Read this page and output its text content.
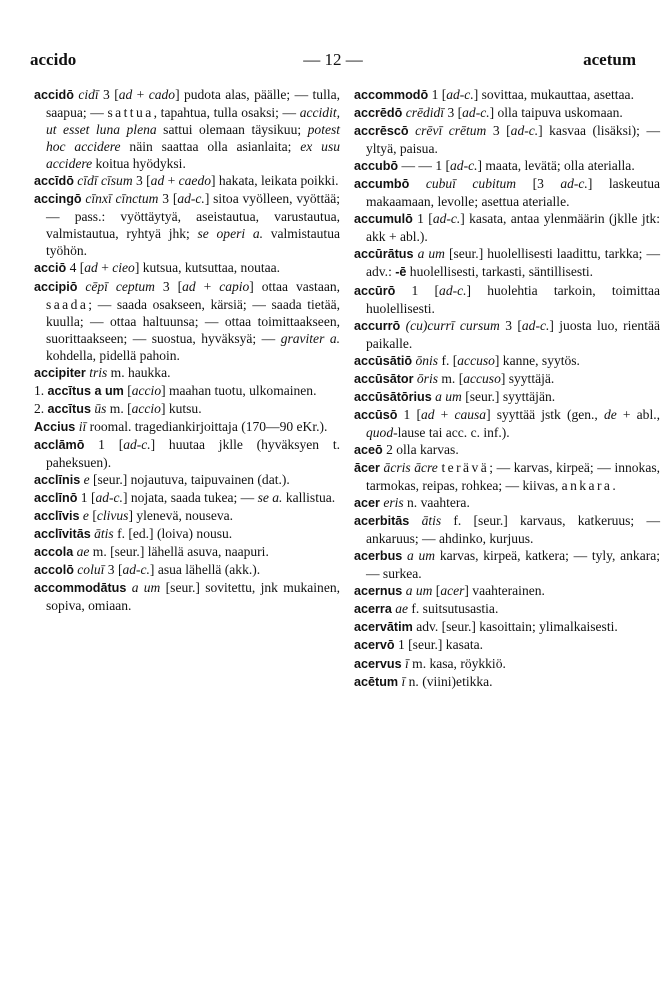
accido	— 12 —	acetum

accidō cidī 3 [ad + cado] pudota alas, päälle; — tulla, saapua; — sattua, tapahtua, tulla osaksi; — accidit, ut esset luna plena sattui olemaan täysikuu; potest hoc accidere näin saattaa olla asianlaita; ex usu accidere koitua hyödyksi.

accīdō cīdī cīsum 3 [ad + caedo] hakata, leikata poikki.

accingō cīnxī cīnctum 3 [ad-c.] sitoa vyölleen, vyöttää; — pass.: vyöttäytyä, aseistautua, varustautua, valmistautua, ryhtyä jhk; se operi a. valmistautua työhön.

acciō 4 [ad + cieo] kutsua, kutsuttaa, noutaa.

accipiō cēpī ceptum 3 [ad + capio] ottaa vastaan, saada; — saada osakseen, kärsiä; — saada tietää, kuulla; — ottaa haltuunsa; — ottaa toimittaakseen, suorittaakseen; — suostua, hyväksyä; — graviter a. kohdella, pidellä pahoin.

accipiter tris m. haukka.

1. accītus a um [accio] maahan tuotu, ulkomainen.

2. accītus ūs m. [accio] kutsu.

Accius iī roomal. tragediankirjoittaja (170—90 eKr.).

acclāmō 1 [ad-c.] huutaa jklle (hyväksyen t. paheksuen).

acclīnis e [seur.] nojautuva, taipuvainen (dat.).

acclīnō 1 [ad-c.] nojata, saada tukea; — se a. kallistua.

acclīvis e [clivus] ylenevä, nouseva.

acclīvitās ātis f. [ed.] (loiva) nousu.

accola ae m. [seur.] lähellä asuva, naapuri.

accolō coluī 3 [ad-c.] asua lähellä (akk.).

accommodātus a um [seur.] sovitettu, jnk mukainen, sopiva, omiaan.

accommodō 1 [ad-c.] sovittaa, mukauttaa, asettaa.

accrēdō crēdidī 3 [ad-c.] olla taipuva uskomaan.

accrēscō crēvī crētum 3 [ad-c.] kasvaa (lisäksi); — yltyä, paisua.

accubō — — 1 [ad-c.] maata, levätä; olla aterialla.

accumbō cubuī cubitum [3 ad-c.] laskeutua makaamaan, levolle; asettua aterialle.

accumulō 1 [ad-c.] kasata, antaa ylenmäärin (jklle jtk: akk + abl.).

accūrātus a um [seur.] huolellisesti laadittu, tarkka; — adv.: -ē huolellisesti, tarkasti, säntillisesti.

accūrō 1 [ad-c.] huolehtia tarkoin, toimittaa huolellisesti.

accurrō (cu)currī cursum 3 [ad-c.] juosta luo, rientää paikalle.

accūsātiō ōnis f. [accuso] kanne, syytös.

accūsātor ōris m. [accuso] syyttäjä.

accūsātōrius a um [seur.] syyttäjän.

accūsō 1 [ad + causa] syyttää jstk (gen., de + abl., quod-lause tai acc. c. inf.).

aceō 2 olla karvas.

ācer ācris ācre terävä; — karvas, kirpeä; — innokas, tarmokas, reipas, rohkea; — kiivas, ankara.

acer eris n. vaahtera.

acerbitās ātis f. [seur.] karvaus, katkeruus; — ankaruus; — ahdinko, kurjuus.

acerbus a um karvas, kirpeä, katkera; — tyly, ankara; — surkea.

acernus a um [acer] vaahterainen.

acerra ae f. suitsutusastia.

acervātim adv. [seur.] kasoittain; ylimalkaisesti.

acervō 1 [seur.] kasata.

acervus ī m. kasa, röykkiö.

acētum ī n. (viini)etikka.
